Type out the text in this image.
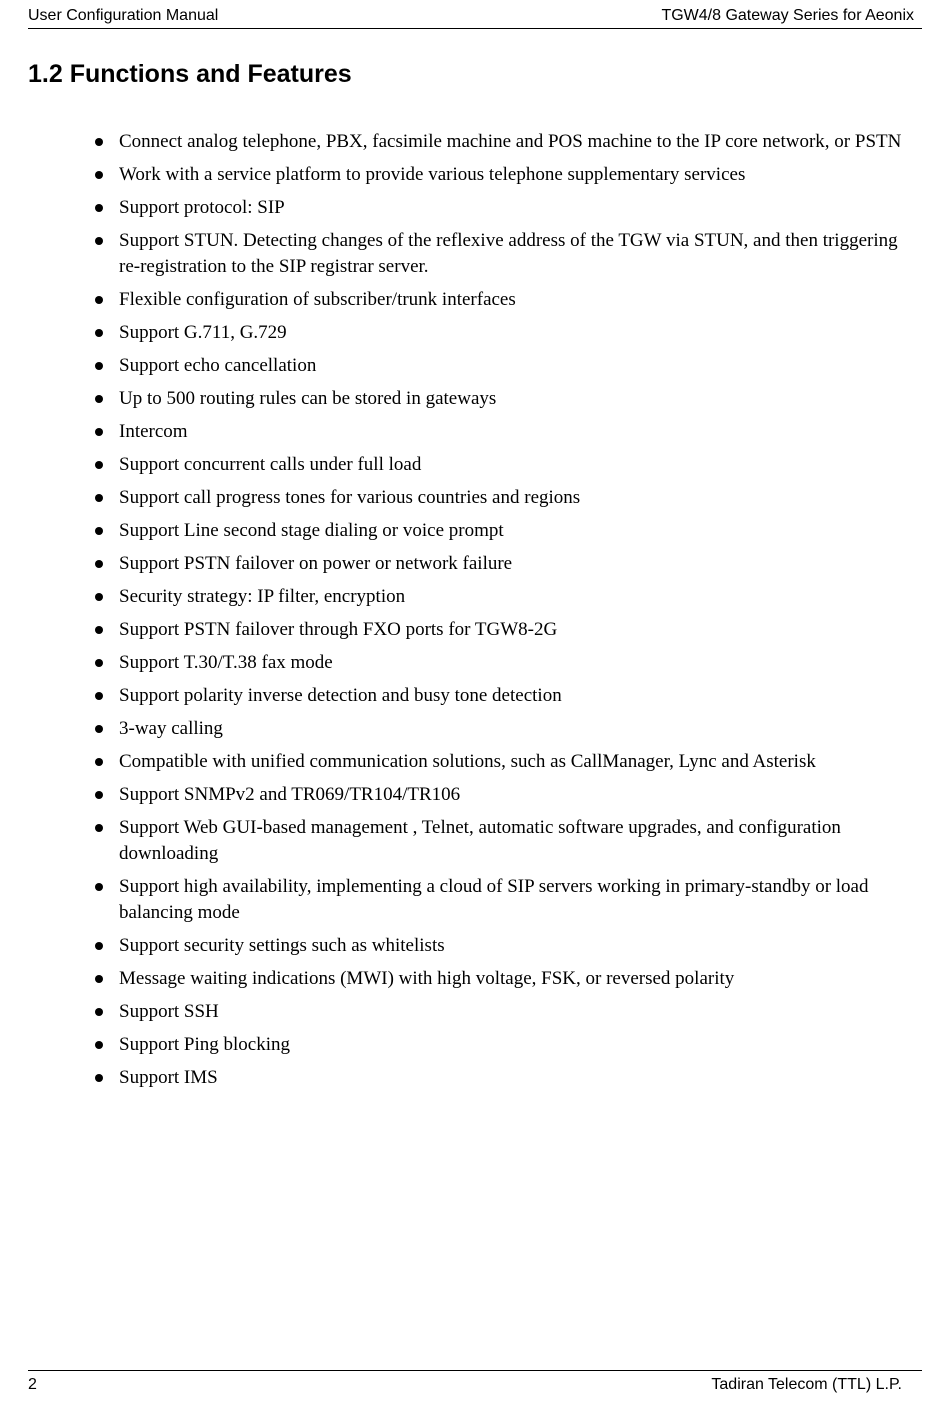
User Configuration Manual	TGW4/8 Gateway Series for Aeonix
1.2 Functions and Features
Connect analog telephone, PBX, facsimile machine and POS machine to the IP core network, or PSTN
Work with a service platform to provide various telephone supplementary services
Support protocol: SIP
Support STUN. Detecting changes of the reflexive address of the TGW via STUN, and then triggering re-registration to the SIP registrar server.
Flexible configuration of subscriber/trunk interfaces
Support G.711, G.729
Support echo cancellation
Up to 500 routing rules can be stored in gateways
Intercom
Support concurrent calls under full load
Support call progress tones for various countries and regions
Support Line second stage dialing or voice prompt
Support PSTN failover on power or network failure
Security strategy: IP filter, encryption
Support PSTN failover through FXO ports for TGW8-2G
Support T.30/T.38 fax mode
Support polarity inverse detection and busy tone detection
3-way calling
Compatible with unified communication solutions, such as CallManager, Lync and Asterisk
Support SNMPv2 and TR069/TR104/TR106
Support Web GUI-based management , Telnet, automatic software upgrades, and configuration downloading
Support high availability, implementing a cloud of SIP servers working in primary-standby or load balancing mode
Support security settings such as whitelists
Message waiting indications (MWI) with high voltage, FSK, or reversed polarity
Support SSH
Support Ping blocking
Support IMS
2	Tadiran Telecom (TTL) L.P.
